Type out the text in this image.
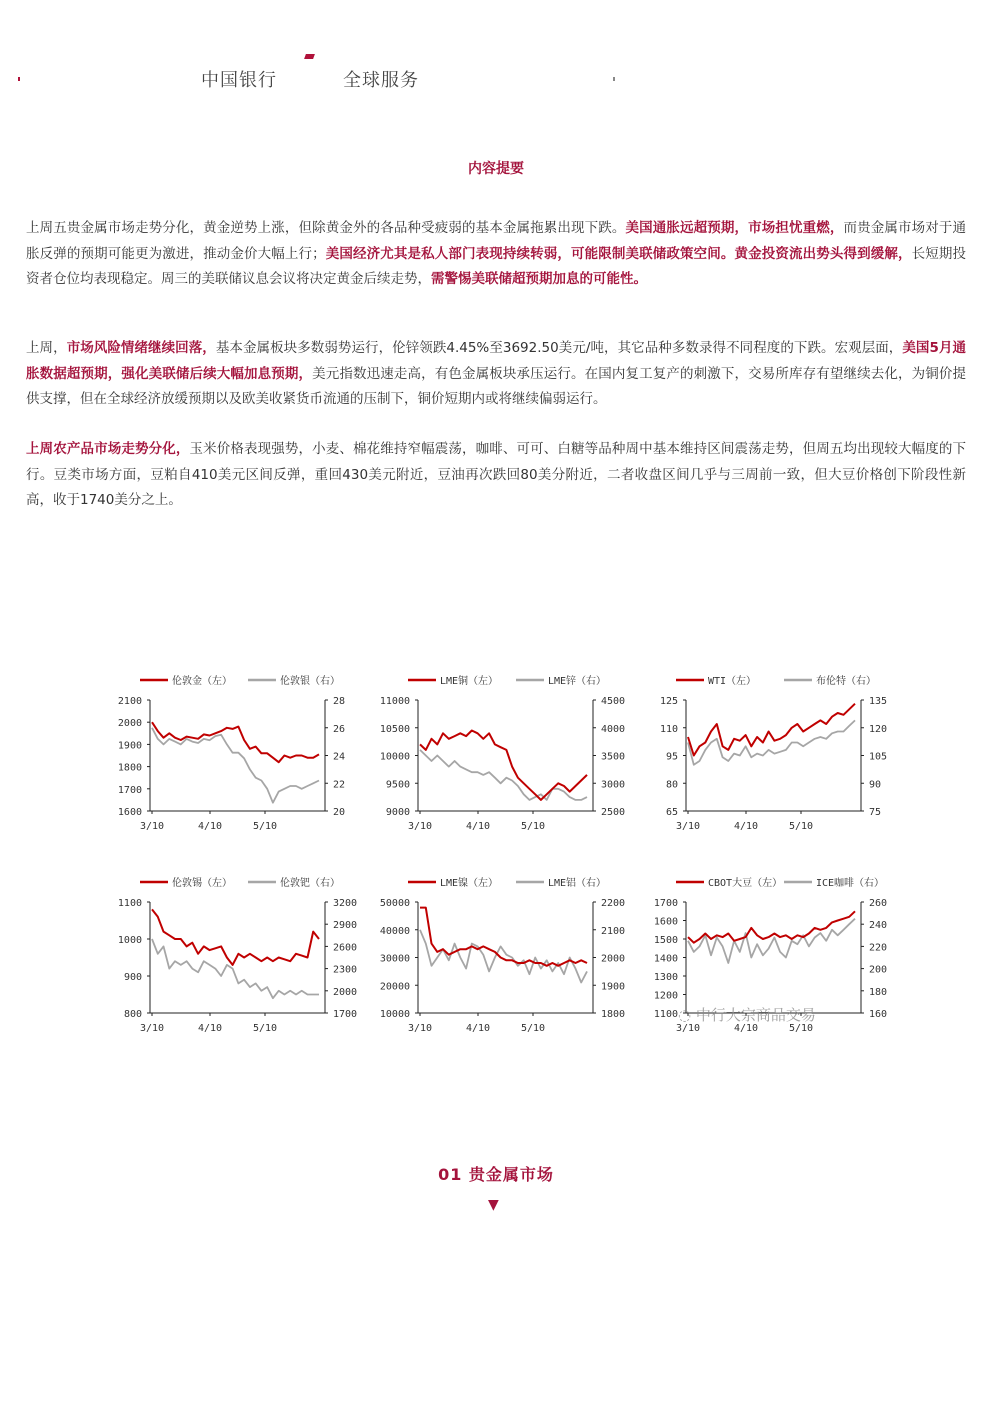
中国银行	全球服务
内容提要
上周五贵金属市场走势分化，黄金逆势上涨，但除黄金外的各品种受疲弱的基本金属拖累出现下跌。美国通胀远超预期，市场担忧重燃，而贵金属市场对于通胀反弹的预期可能更为激进，推动金价大幅上行；美国经济尤其是私人部门表现持续转弱，可能限制美联储政策空间。黄金投资流出势头得到缓解，长短期投资者仓位均表现稳定。周三的美联储议息会议将决定黄金后续走势，需警惕美联储超预期加息的可能性。
上周，市场风险情绪继续回落，基本金属板块多数弱势运行，伦锌领跌4.45%至3692.50美元/吨，其它品种多数录得不同程度的下跌。宏观层面，美国5月通胀数据超预期，强化美联储后续大幅加息预期，美元指数迅速走高，有色金属板块承压运行。在国内复工复产的刺激下，交易所库存有望继续去化，为铜价提供支撑，但在全球经济放缓预期以及欧美收紧货币流通的压制下，铜价短期内或将继续偏弱运行。
上周农产品市场走势分化，玉米价格表现强势，小麦、棉花维持窄幅震荡，咖啡、可可、白糖等品种周中基本维持区间震荡走势，但周五均出现较大幅度的下行。豆类市场方面，豆粕自410美元区间反弹，重回430美元附近，豆油再次跌回80美分附近，二者收盘区间几乎与三周前一致，但大豆价格创下阶段性新高，收于1740美分之上。
伦敦金（左）	伦敦银（右）
1600
1700
1800
1900
2000
2100
20
22
24
26
28
3/10	4/10	5/10
LME铜（左）	LME锌（右）
9000
9500
10000
10500
11000
2500
3000
3500
4000
4500
3/10	4/10	5/10
WTI（左）	布伦特（右）
65
80
95
110
125
75
90
105
120
135
3/10	4/10	5/10
伦敦锡（左）	伦敦钯（右）
800
900
1000
1100
1700
2000
2300
2600
2900
3200
3/10	4/10	5/10
LME镍（左）	LME铝（右）
10000
20000
30000
40000
50000
1800
1900
2000
2100
2200
3/10	4/10	5/10
CBOT大豆（左）	ICE咖啡（右）
1100
1200
1300
1400
1500
1600
1700
160
180
200
220
240
260
3/10	4/10	5/10
◌ 中行大宗商品交易
01 贵金属市场
▼
